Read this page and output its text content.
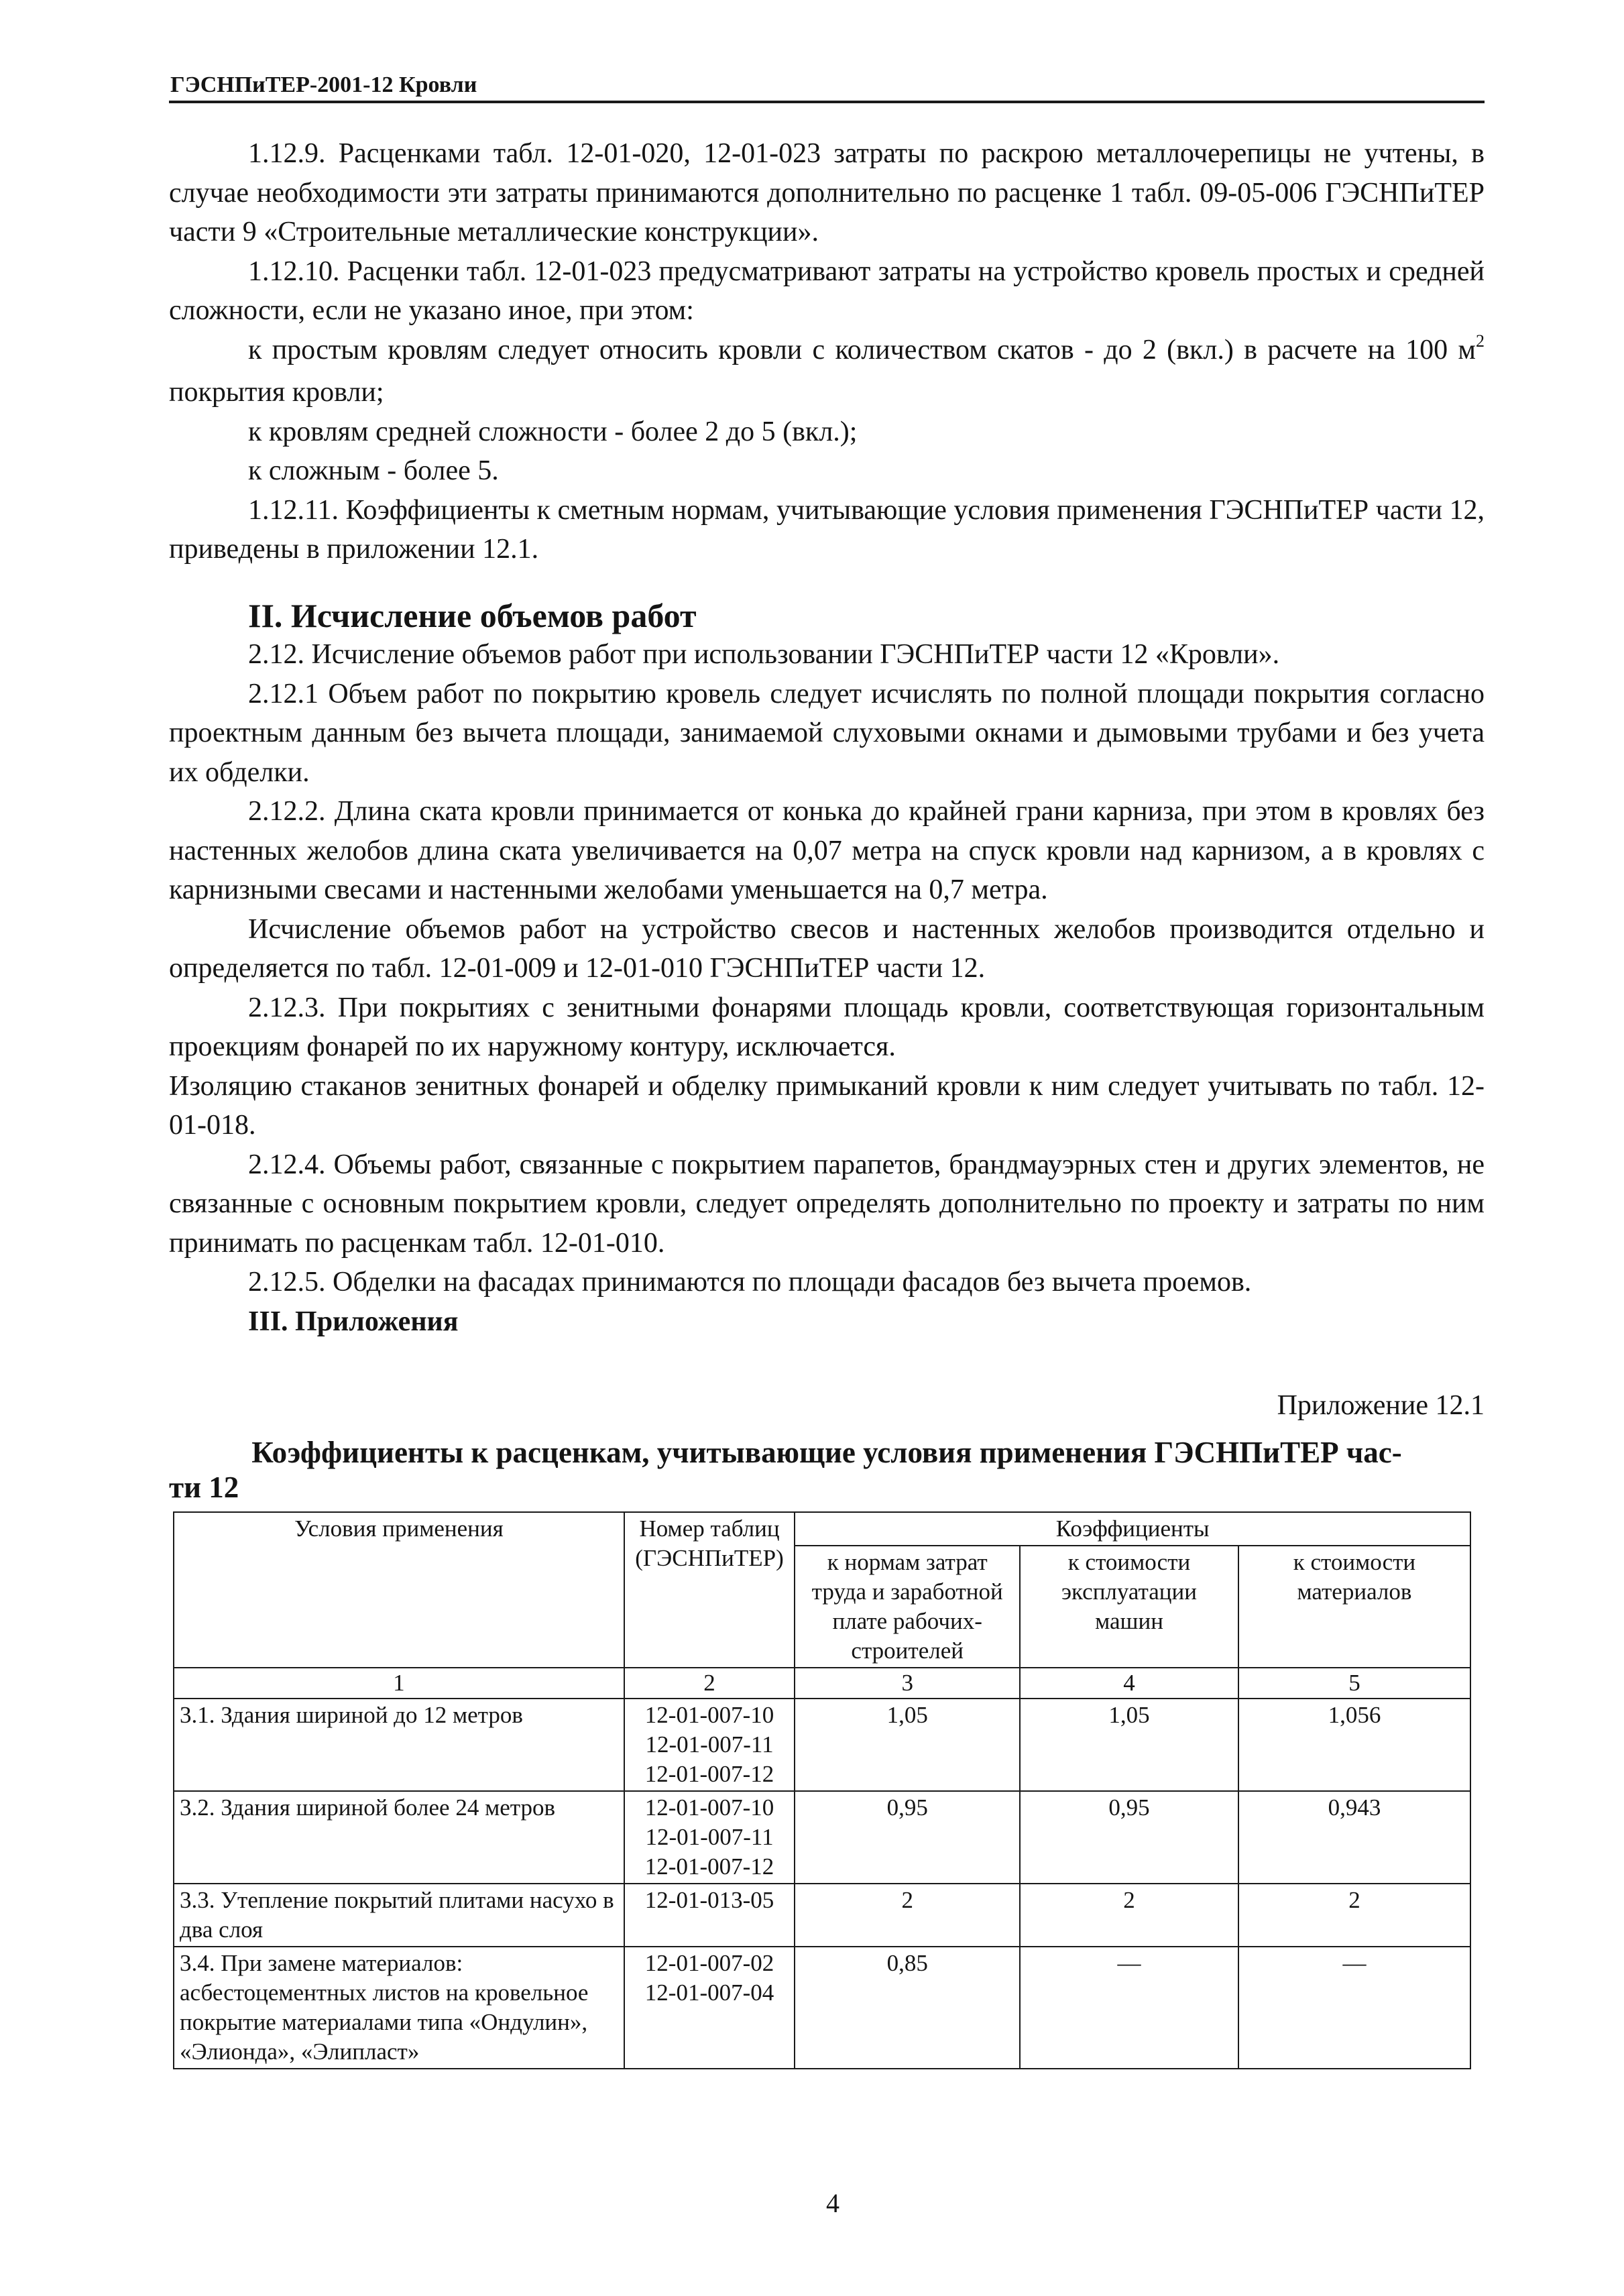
ГЭСНПиТЕР-2001-12 Кровли

1.12.9. Расценками табл. 12-01-020, 12-01-023 затраты по раскрою металлочерепицы не учтены, в случае необходимости эти затраты принимаются дополнительно по расценке 1 табл. 09-05-006 ГЭСНПиТЕР части 9 «Строительные металлические конструкции».

1.12.10. Расценки табл. 12-01-023 предусматривают затраты на устройство кровель простых и средней сложности, если не указано иное, при этом:

к простым кровлям следует относить кровли с количеством скатов - до 2 (вкл.) в расчете на 100 $м^2$ покрытия кровли;

к кровлям средней сложности - более 2 до 5 (вкл.);

к сложным - более 5.

1.12.11. Коэффициенты к сметным нормам, учитывающие условия применения ГЭСНПиТЕР части 12, приведены в приложении 12.1.

II. Исчисление объемов работ

2.12. Исчисление объемов работ при использовании ГЭСНПиТЕР части 12 «Кровли».

2.12.1 Объем работ по покрытию кровель следует исчислять по полной площади покрытия согласно проектным данным без вычета площади, занимаемой слуховыми окнами и дымовыми трубами и без учета их обделки.

2.12.2. Длина ската кровли принимается от конька до крайней грани карниза, при этом в кровлях без настенных желобов длина ската увеличивается на 0,07 метра на спуск кровли над карнизом, а в кровлях с карнизными свесами и настенными желобами уменьшается на 0,7 метра.

Исчисление объемов работ на устройство свесов и настенных желобов производится отдельно и определяется по табл. 12-01-009 и 12-01-010 ГЭСНПиТЕР части 12.

2.12.3. При покрытиях с зенитными фонарями площадь кровли, соответствующая горизонтальным проекциям фонарей по их наружному контуру, исключается.

Изоляцию стаканов зенитных фонарей и обделку примыканий кровли к ним следует учитывать по табл. 12-01-018.

2.12.4. Объемы работ, связанные с покрытием парапетов, брандмауэрных стен и других элементов, не связанные с основным покрытием кровли, следует определять дополнительно по проекту и затраты по ним принимать по расценкам табл. 12-01-010.

2.12.5. Обделки на фасадах принимаются по площади фасадов без вычета проемов.

III. Приложения

Приложение 12.1
Коэффициенты к расценкам, учитывающие условия применения ГЭСНПиТЕР час-
ти 12
Условия применения	Номер таблиц (ГЭСНПиТЕР)	Коэффициенты		
		к нормам затрат труда и заработной плате рабочих-строителей	к стоимости эксплуатации машин	к стоимости материалов
1	2	3	4	5
3.1. Здания шириной до 12 метров	12-01-007-10
12-01-007-11
12-01-007-12	1,05	1,05	1,056
3.2. Здания шириной более 24 метров	12-01-007-10
12-01-007-11
12-01-007-12	0,95	0,95	0,943
3.3. Утепление покрытий плитами насухо в два слоя	12-01-013-05	2	2	2
3.4. При замене материалов: асбестоцементных листов на кровельное покрытие материалами типа «Ондулин», «Элионда», «Элипласт»	12-01-007-02
12-01-007-04	0,85	—	—
4
